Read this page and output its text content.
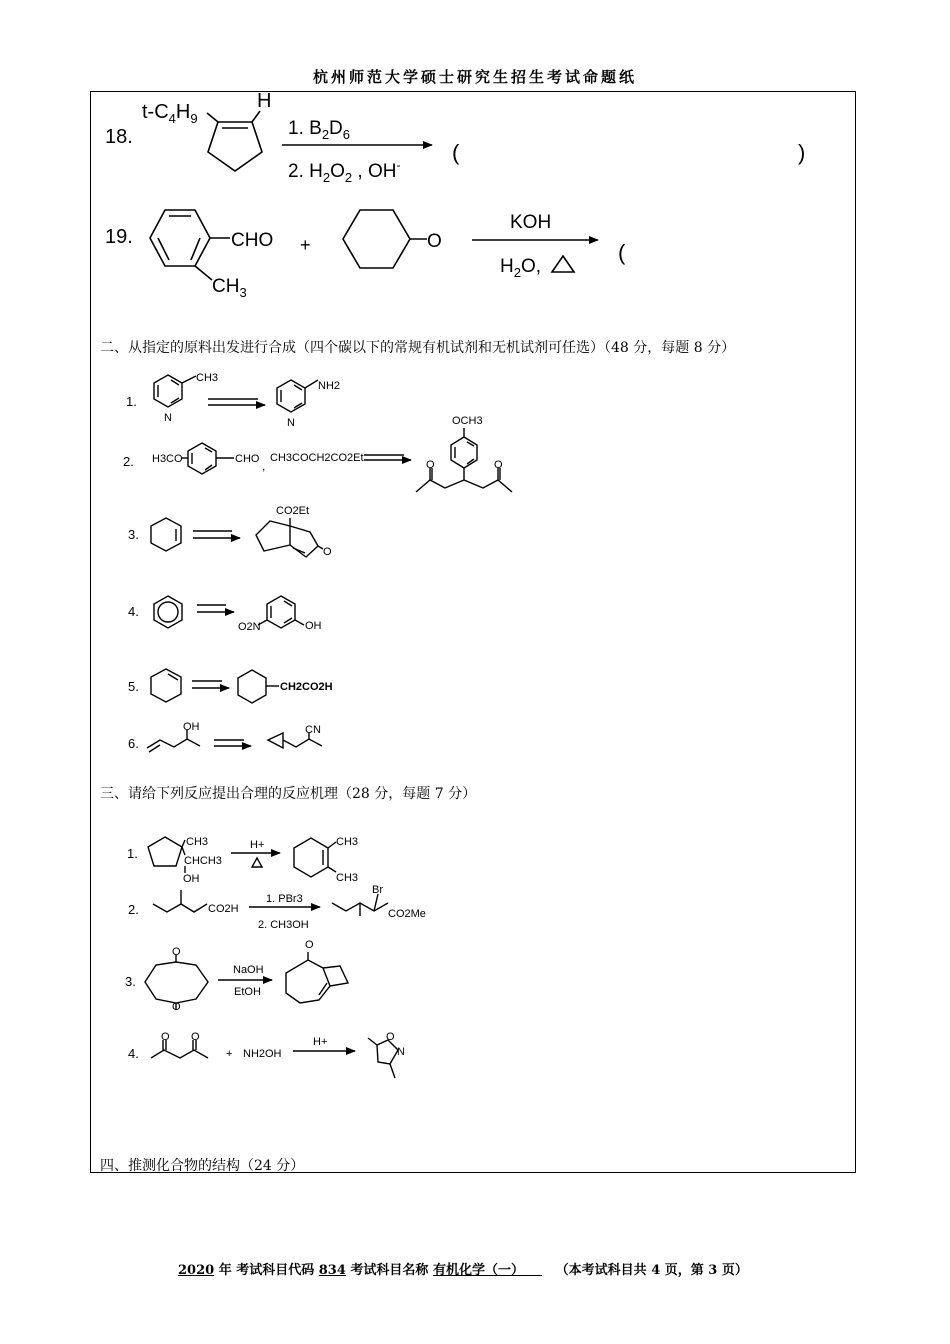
杭州师范大学硕士研究生招生考试命题纸
二、从指定的原料出发进行合成（四个碳以下的常规有机试剂和无机试剂可任选）（48 分，每题 8 分）
三、请给下列反应提出合理的反应机理（28 分，每题 7 分）
四、推测化合物的结构（24 分）
18.
$t-C_4H_9$
H
1. $B_2D_6$
2. $H_2O_2$ , OH- (	)
19.	CHO
$CH_3$
+	O
KOH
$H_2O$,
(
1.
CH3
N
NH2
N
2. H3CO	CHO ,
CH3COCH2CO2Et
OCH3
O	O
3.
CO2Et
O
4.
O2N	OH
5.	CH2CO2H
6.
OH	CN
1.
CH3
CHCH3
OH
H+	CH3
CH3
2.	CO2H
1. PBr3
2. CH3OH
Br
CO2Me
3.
O
O
NaOH
EtOH
O
4.
O O
+ NH2OH
H+	O
N
2020 年 考试科目代码 834 考试科目名称 有机化学（一） （本考试科目共 4 页，第 3 页）
